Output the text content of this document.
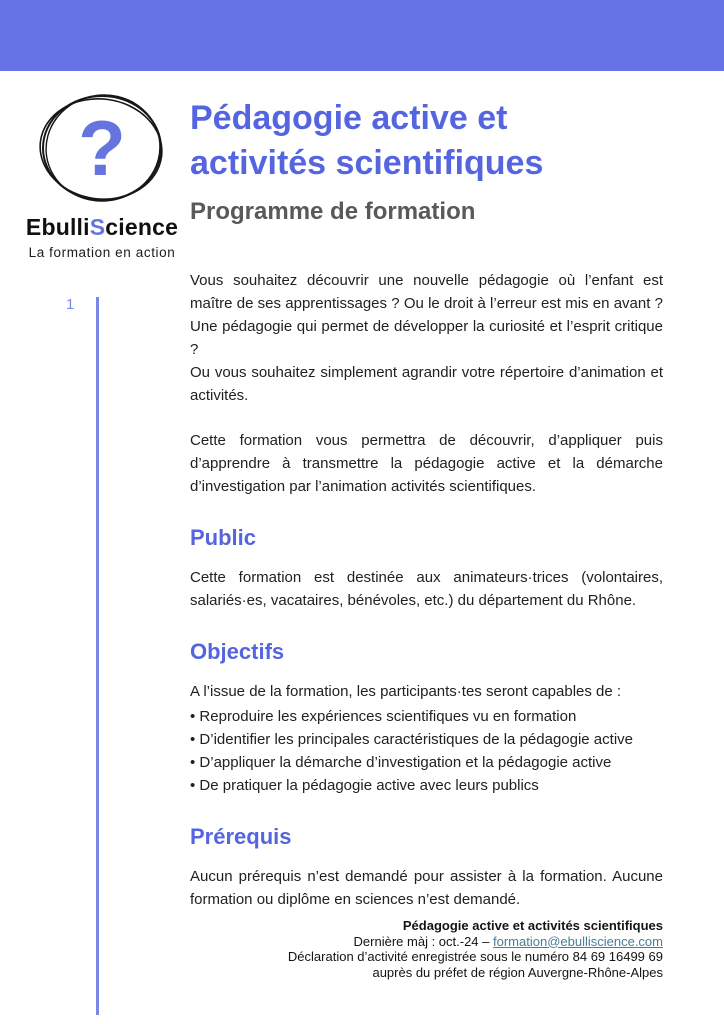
?
EbulliScience
La formation en action
1
Pédagogie active et
activités scientifiques
Programme de formation

Vous souhaitez découvrir une nouvelle pédagogie où l’enfant est maître de ses apprentissages ? Ou le droit à l’erreur est mis en avant ? Une pédagogie qui permet de développer la curiosité et l’esprit critique ?

Ou vous souhaitez simplement agrandir votre répertoire d’animation et activités.

Cette formation vous permettra de découvrir, d’appliquer puis d’apprendre à transmettre la pédagogie active et la démarche d’investigation par l’animation activités scientifiques.

Public

Cette formation est destinée aux animateurs·trices (volontaires, salariés·es, vacataires, bénévoles, etc.) du département du Rhône.

Objectifs

A l’issue de la formation, les participants·tes seront capables de :

• Reproduire les expériences scientifiques vu en formation
• D’identifier les principales caractéristiques de la pédagogie active
• D’appliquer la démarche d’investigation et la pédagogie active
• De pratiquer la pédagogie active avec leurs publics
Prérequis

Aucun prérequis n’est demandé pour assister à la formation. Aucune formation ou diplôme en sciences n’est demandé.

Pédagogie active et activités scientifiques
Dernière màj : oct.-24 – formation@ebulliscience.com
Déclaration d’activité enregistrée sous le numéro 84 69 16499 69
auprès du préfet de région Auvergne-Rhône-Alpes
